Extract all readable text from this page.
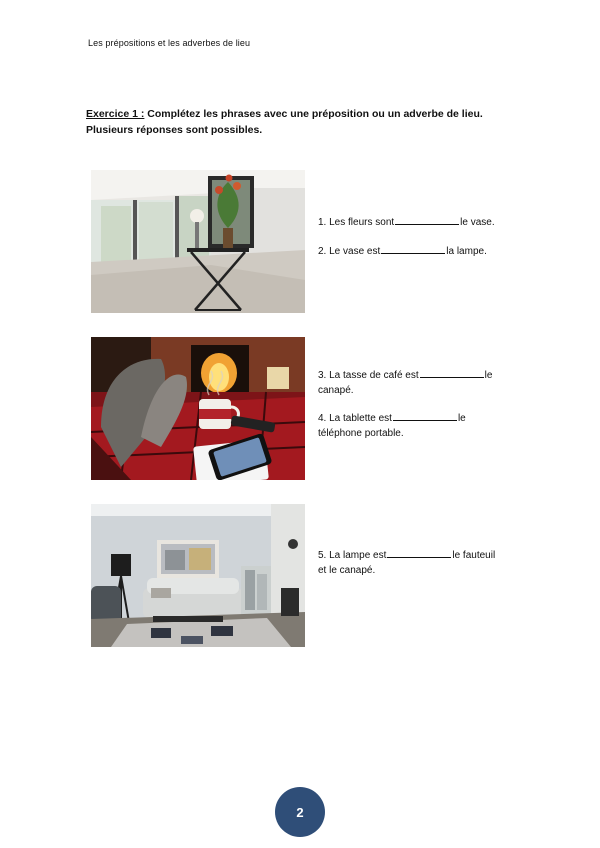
Les prépositions et les adverbes de lieu
Exercice 1 : Complétez les phrases avec une préposition ou un adverbe de lieu.
Plusieurs réponses sont possibles.
1. Les fleurs sont	le vase.
2. Le vase est	la lampe.
3. La tasse de café est	le
canapé.
4. La tablette est	le
téléphone portable.
5. La lampe est	le fauteuil
et le canapé.
2
